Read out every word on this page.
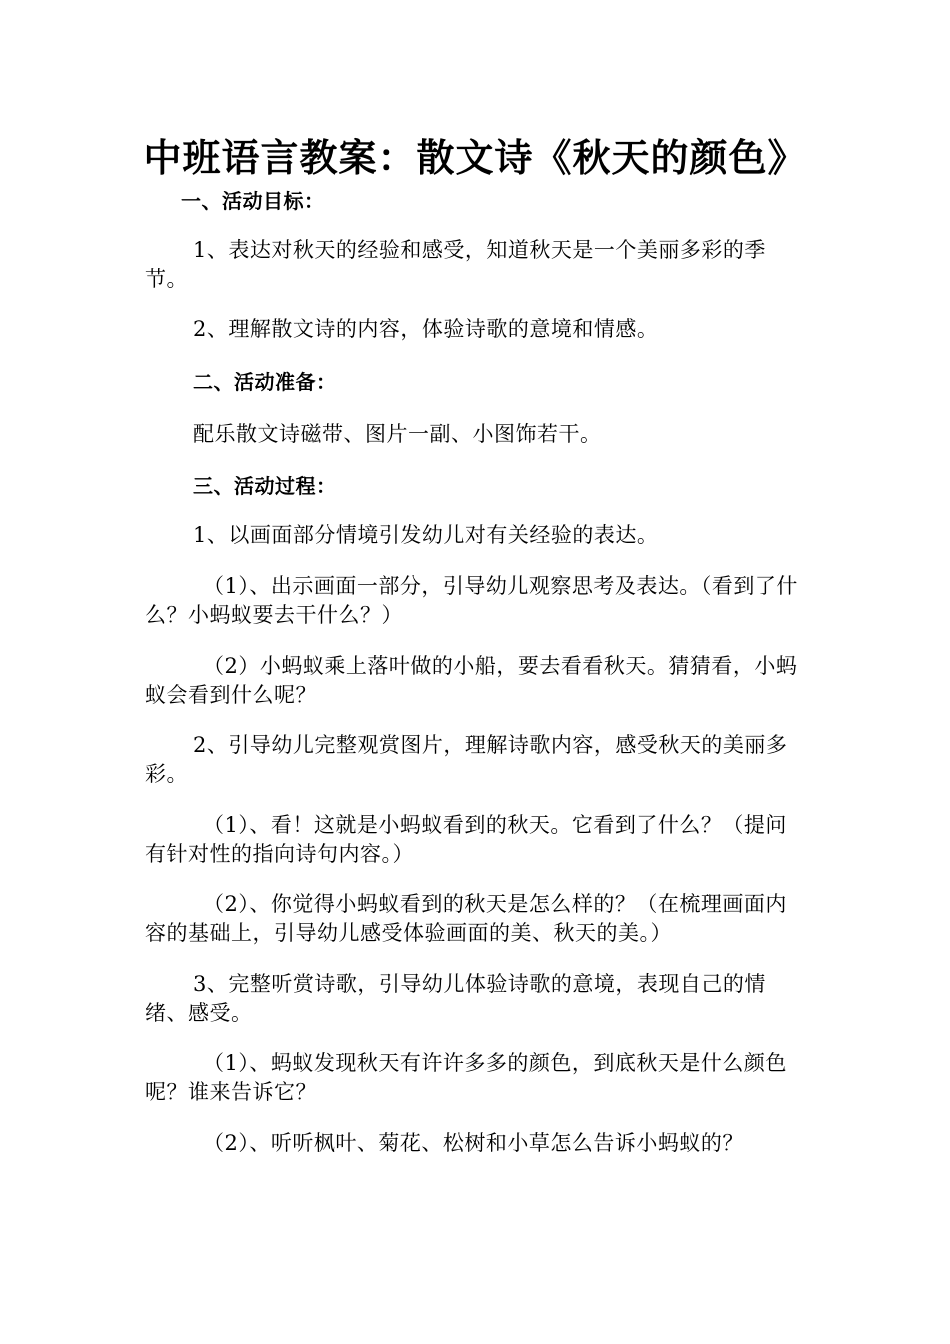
中班语言教案：散文诗《秋天的颜色》
一、活动目标：
1、表达对秋天的经验和感受，知道秋天是一个美丽多彩的季节。
2、理解散文诗的内容，体验诗歌的意境和情感。
二、活动准备：
配乐散文诗磁带、图片一副、小图饰若干。
三、活动过程：
1、以画面部分情境引发幼儿对有关经验的表达。
（1）、出示画面一部分，引导幼儿观察思考及表达。（看到了什么？小蚂蚁要去干什么？）
（2）小蚂蚁乘上落叶做的小船，要去看看秋天。猜猜看，小蚂蚁会看到什么呢？
2、引导幼儿完整观赏图片，理解诗歌内容，感受秋天的美丽多彩。
（1）、看！这就是小蚂蚁看到的秋天。它看到了什么？（提问有针对性的指向诗句内容。）
（2）、你觉得小蚂蚁看到的秋天是怎么样的？（在梳理画面内容的基础上，引导幼儿感受体验画面的美、秋天的美。）
3、完整听赏诗歌，引导幼儿体验诗歌的意境，表现自己的情绪、感受。
（1）、蚂蚁发现秋天有许许多多的颜色，到底秋天是什么颜色呢？谁来告诉它？
（2）、听听枫叶、菊花、松树和小草怎么告诉小蚂蚁的？
